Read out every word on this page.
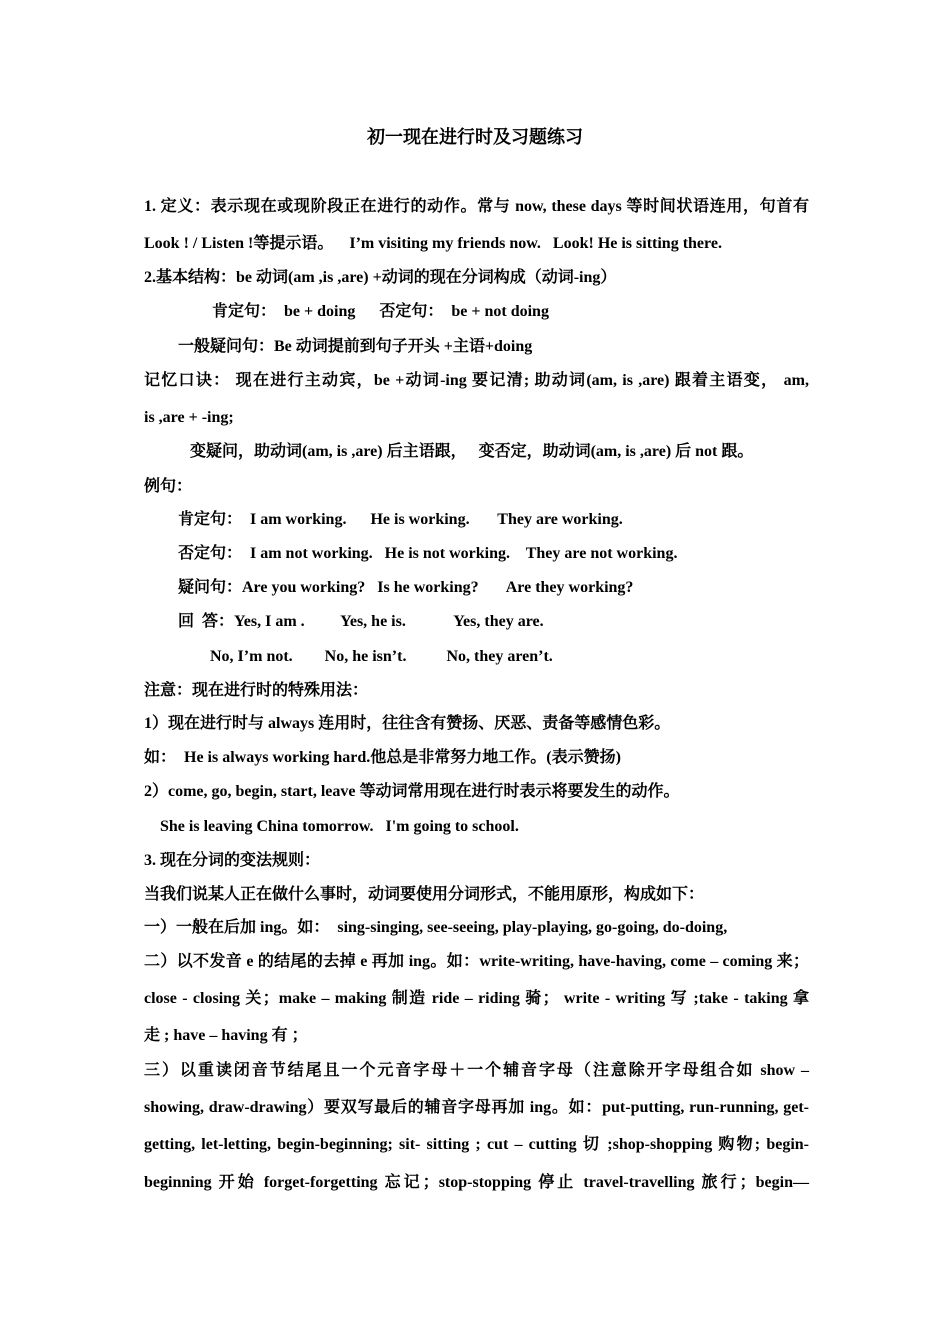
初一现在进行时及习题练习
1. 定义：表示现在或现阶段正在进行的动作。常与 now, these days 等时间状语连用，句首有
Look ! / Listen !等提示语。    I’m visiting my friends now.   Look! He is sitting there.
2.基本结构：be 动词(am ,is ,are) +动词的现在分词构成（动词-ing）
肯定句：  be + doing      否定句：  be + not doing
一般疑问句：Be 动词提前到句子开头 +主语+doing
记忆口诀： 现在进行主动宾，be +动词-ing 要记清; 助动词(am, is ,are) 跟着主语变， am,
is ,are + -ing;
变疑问，助动词(am, is ,are) 后主语跟，   变否定，助动词(am, is ,are) 后 not 跟。
例句：
肯定句：  I am working.      He is working.       They are working.
否定句：  I am not working.   He is not working.    They are not working.
疑问句：Are you working?   Is he working?       Are they working?
回  答：Yes, I am .         Yes, he is.            Yes, they are.
No, I’m not.        No, he isn’t.          No, they aren’t.
注意：现在进行时的特殊用法：
1）现在进行时与 always 连用时，往往含有赞扬、厌恶、责备等感情色彩。
如：  He is always working hard.他总是非常努力地工作。(表示赞扬)
2）come, go, begin, start, leave 等动词常用现在进行时表示将要发生的动作。
She is leaving China tomorrow.   I'm going to school.
3. 现在分词的变法规则：
当我们说某人正在做什么事时，动词要使用分词形式，不能用原形，构成如下：
一）一般在后加 ing。如：  sing-singing, see-seeing, play-playing, go-going, do-doing,
二）以不发音 e 的结尾的去掉 e 再加 ing。如：write-writing, have-having, come – coming 来；
close - closing 关；make – making 制造 ride – riding 骑； write - writing 写 ;take - taking 拿
走 ; have – having 有 ；
三）以重读闭音节结尾且一个元音字母＋一个辅音字母（注意除开字母组合如 show –
showing, draw-drawing）要双写最后的辅音字母再加 ing。如：put-putting, run-running, get-
getting, let-letting, begin-beginning; sit- sitting ; cut – cutting 切 ;shop-shopping 购物; begin-
beginning 开始 forget-forgetting 忘记；stop-stopping 停止 travel-travelling 旅行；begin—
